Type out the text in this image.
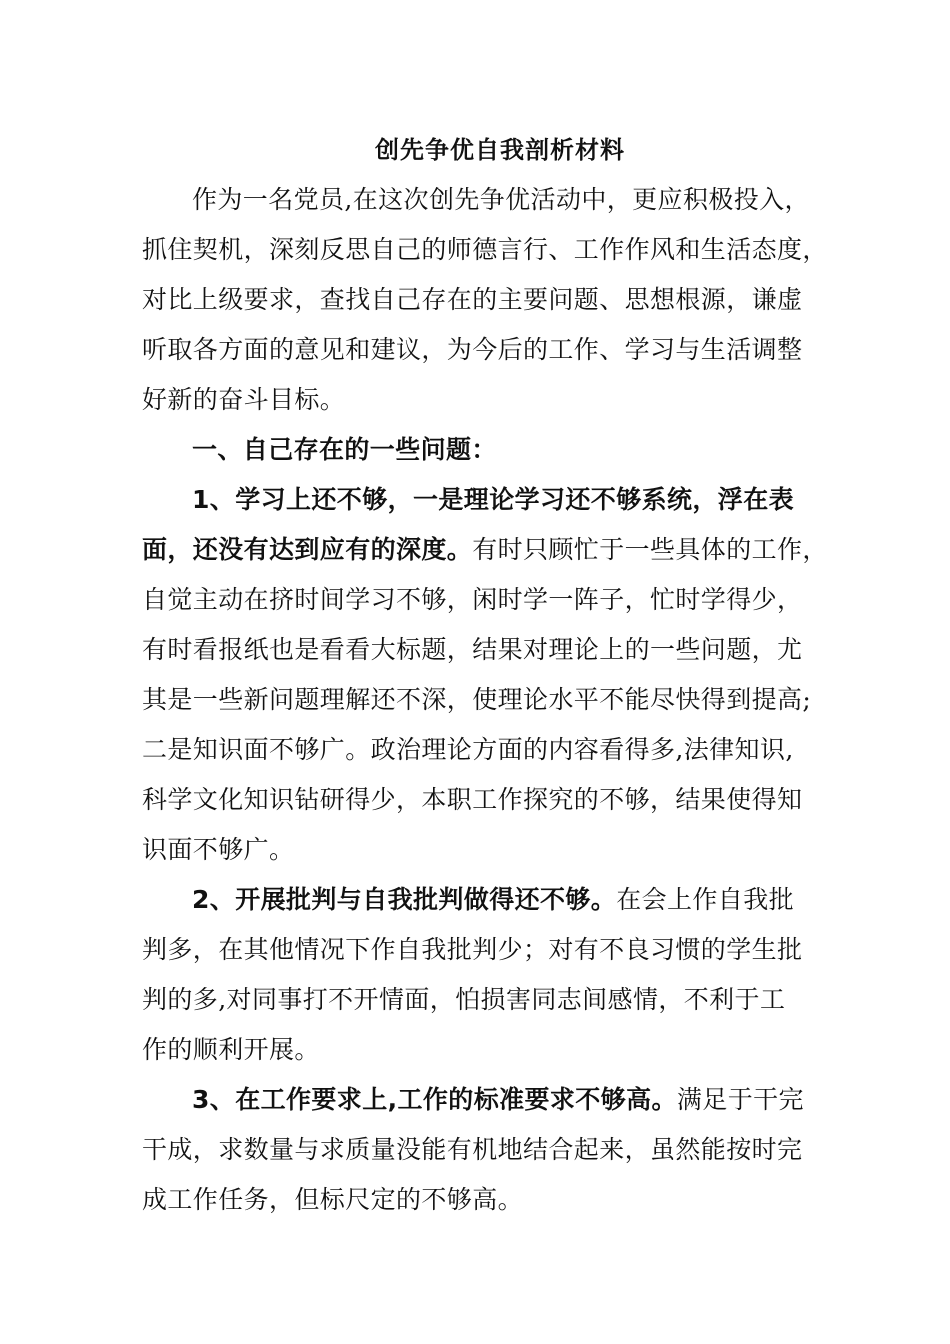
创先争优自我剖析材料
作为一名党员,在这次创先争优活动中，更应积极投入，
抓住契机，深刻反思自己的师德言行、工作作风和生活态度，
对比上级要求，查找自己存在的主要问题、思想根源，谦虚
听取各方面的意见和建议，为今后的工作、学习与生活调整
好新的奋斗目标。
一、自己存在的一些问题：
1、学习上还不够，一是理论学习还不够系统，浮在表
面，还没有达到应有的深度。有时只顾忙于一些具体的工作，
自觉主动在挤时间学习不够，闲时学一阵子，忙时学得少，
有时看报纸也是看看大标题，结果对理论上的一些问题，尤
其是一些新问题理解还不深，使理论水平不能尽快得到提高;
二是知识面不够广。政治理论方面的内容看得多,法律知识,
科学文化知识钻研得少，本职工作探究的不够，结果使得知
识面不够广。
2、开展批判与自我批判做得还不够。在会上作自我批
判多，在其他情况下作自我批判少；对有不良习惯的学生批
判的多,对同事打不开情面，怕损害同志间感情，不利于工
作的顺利开展。
3、在工作要求上,工作的标准要求不够高。满足于干完
干成，求数量与求质量没能有机地结合起来，虽然能按时完
成工作任务，但标尺定的不够高。
